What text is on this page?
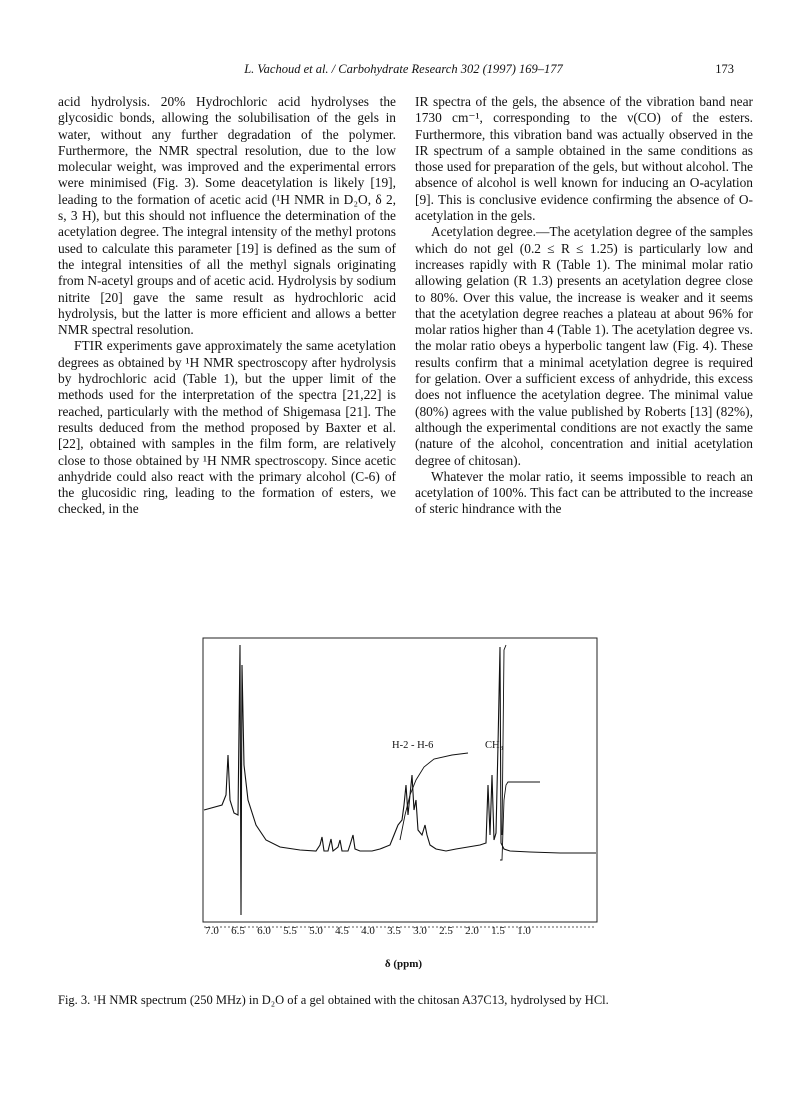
L. Vachoud et al. / Carbohydrate Research 302 (1997) 169–177	173

acid hydrolysis. 20% Hydrochloric acid hydrolyses the glycosidic bonds, allowing the solubilisation of the gels in water, without any further degradation of the polymer. Furthermore, the NMR spectral resolution, due to the low molecular weight, was improved and the experimental errors were minimised (Fig. 3). Some deacetylation is likely [19], leading to the formation of acetic acid (¹H NMR in D₂O, δ 2, s, 3 H), but this should not influence the determination of the acetylation degree. The integral intensity of the methyl protons used to calculate this parameter [19] is defined as the sum of the integral intensities of all the methyl signals originating from N-acetyl groups and of acetic acid. Hydrolysis by sodium nitrite [20] gave the same result as hydrochloric acid hydrolysis, but the latter is more efficient and allows a better NMR spectral resolution.

FTIR experiments gave approximately the same acetylation degrees as obtained by ¹H NMR spectroscopy after hydrolysis by hydrochloric acid (Table 1), but the upper limit of the methods used for the interpretation of the spectra [21,22] is reached, particularly with the method of Shigemasa [21]. The results deduced from the method proposed by Baxter et al. [22], obtained with samples in the film form, are relatively close to those obtained by ¹H NMR spectroscopy. Since acetic anhydride could also react with the primary alcohol (C-6) of the glucosidic ring, leading to the formation of esters, we checked, in the

IR spectra of the gels, the absence of the vibration band near 1730 cm⁻¹, corresponding to the ν(CO) of the esters. Furthermore, this vibration band was actually observed in the IR spectrum of a sample obtained in the same conditions as those used for preparation of the gels, but without alcohol. The absence of alcohol is well known for inducing an O-acylation [9]. This is conclusive evidence confirming the absence of O-acetylation in the gels.

Acetylation degree.—The acetylation degree of the samples which do not gel (0.2 ≤ R ≤ 1.25) is particularly low and increases rapidly with R (Table 1). The minimal molar ratio allowing gelation (R 1.3) presents an acetylation degree close to 80%. Over this value, the increase is weaker and it seems that the acetylation degree reaches a plateau at about 96% for molar ratios higher than 4 (Table 1). The acetylation degree vs. the molar ratio obeys a hyperbolic tangent law (Fig. 4). These results confirm that a minimal acetylation degree is required for gelation. Over a sufficient excess of anhydride, this excess does not influence the acetylation degree. The minimal value (80%) agrees with the value published by Roberts [13] (82%), although the experimental conditions are not exactly the same (nature of the alcohol, concentration and initial acetylation degree of chitosan).

Whatever the molar ratio, it seems impossible to reach an acetylation of 100%. This fact can be attributed to the increase of steric hindrance with the

H-2 - H-6	CH₃
7.0 6.5 6.0 5.5 5.0 4.5 4.0 3.5 3.0 2.5 2.0 1.5 1.0
δ (ppm)
Fig. 3. ¹H NMR spectrum (250 MHz) in D₂O of a gel obtained with the chitosan A37C13, hydrolysed by HCl.
